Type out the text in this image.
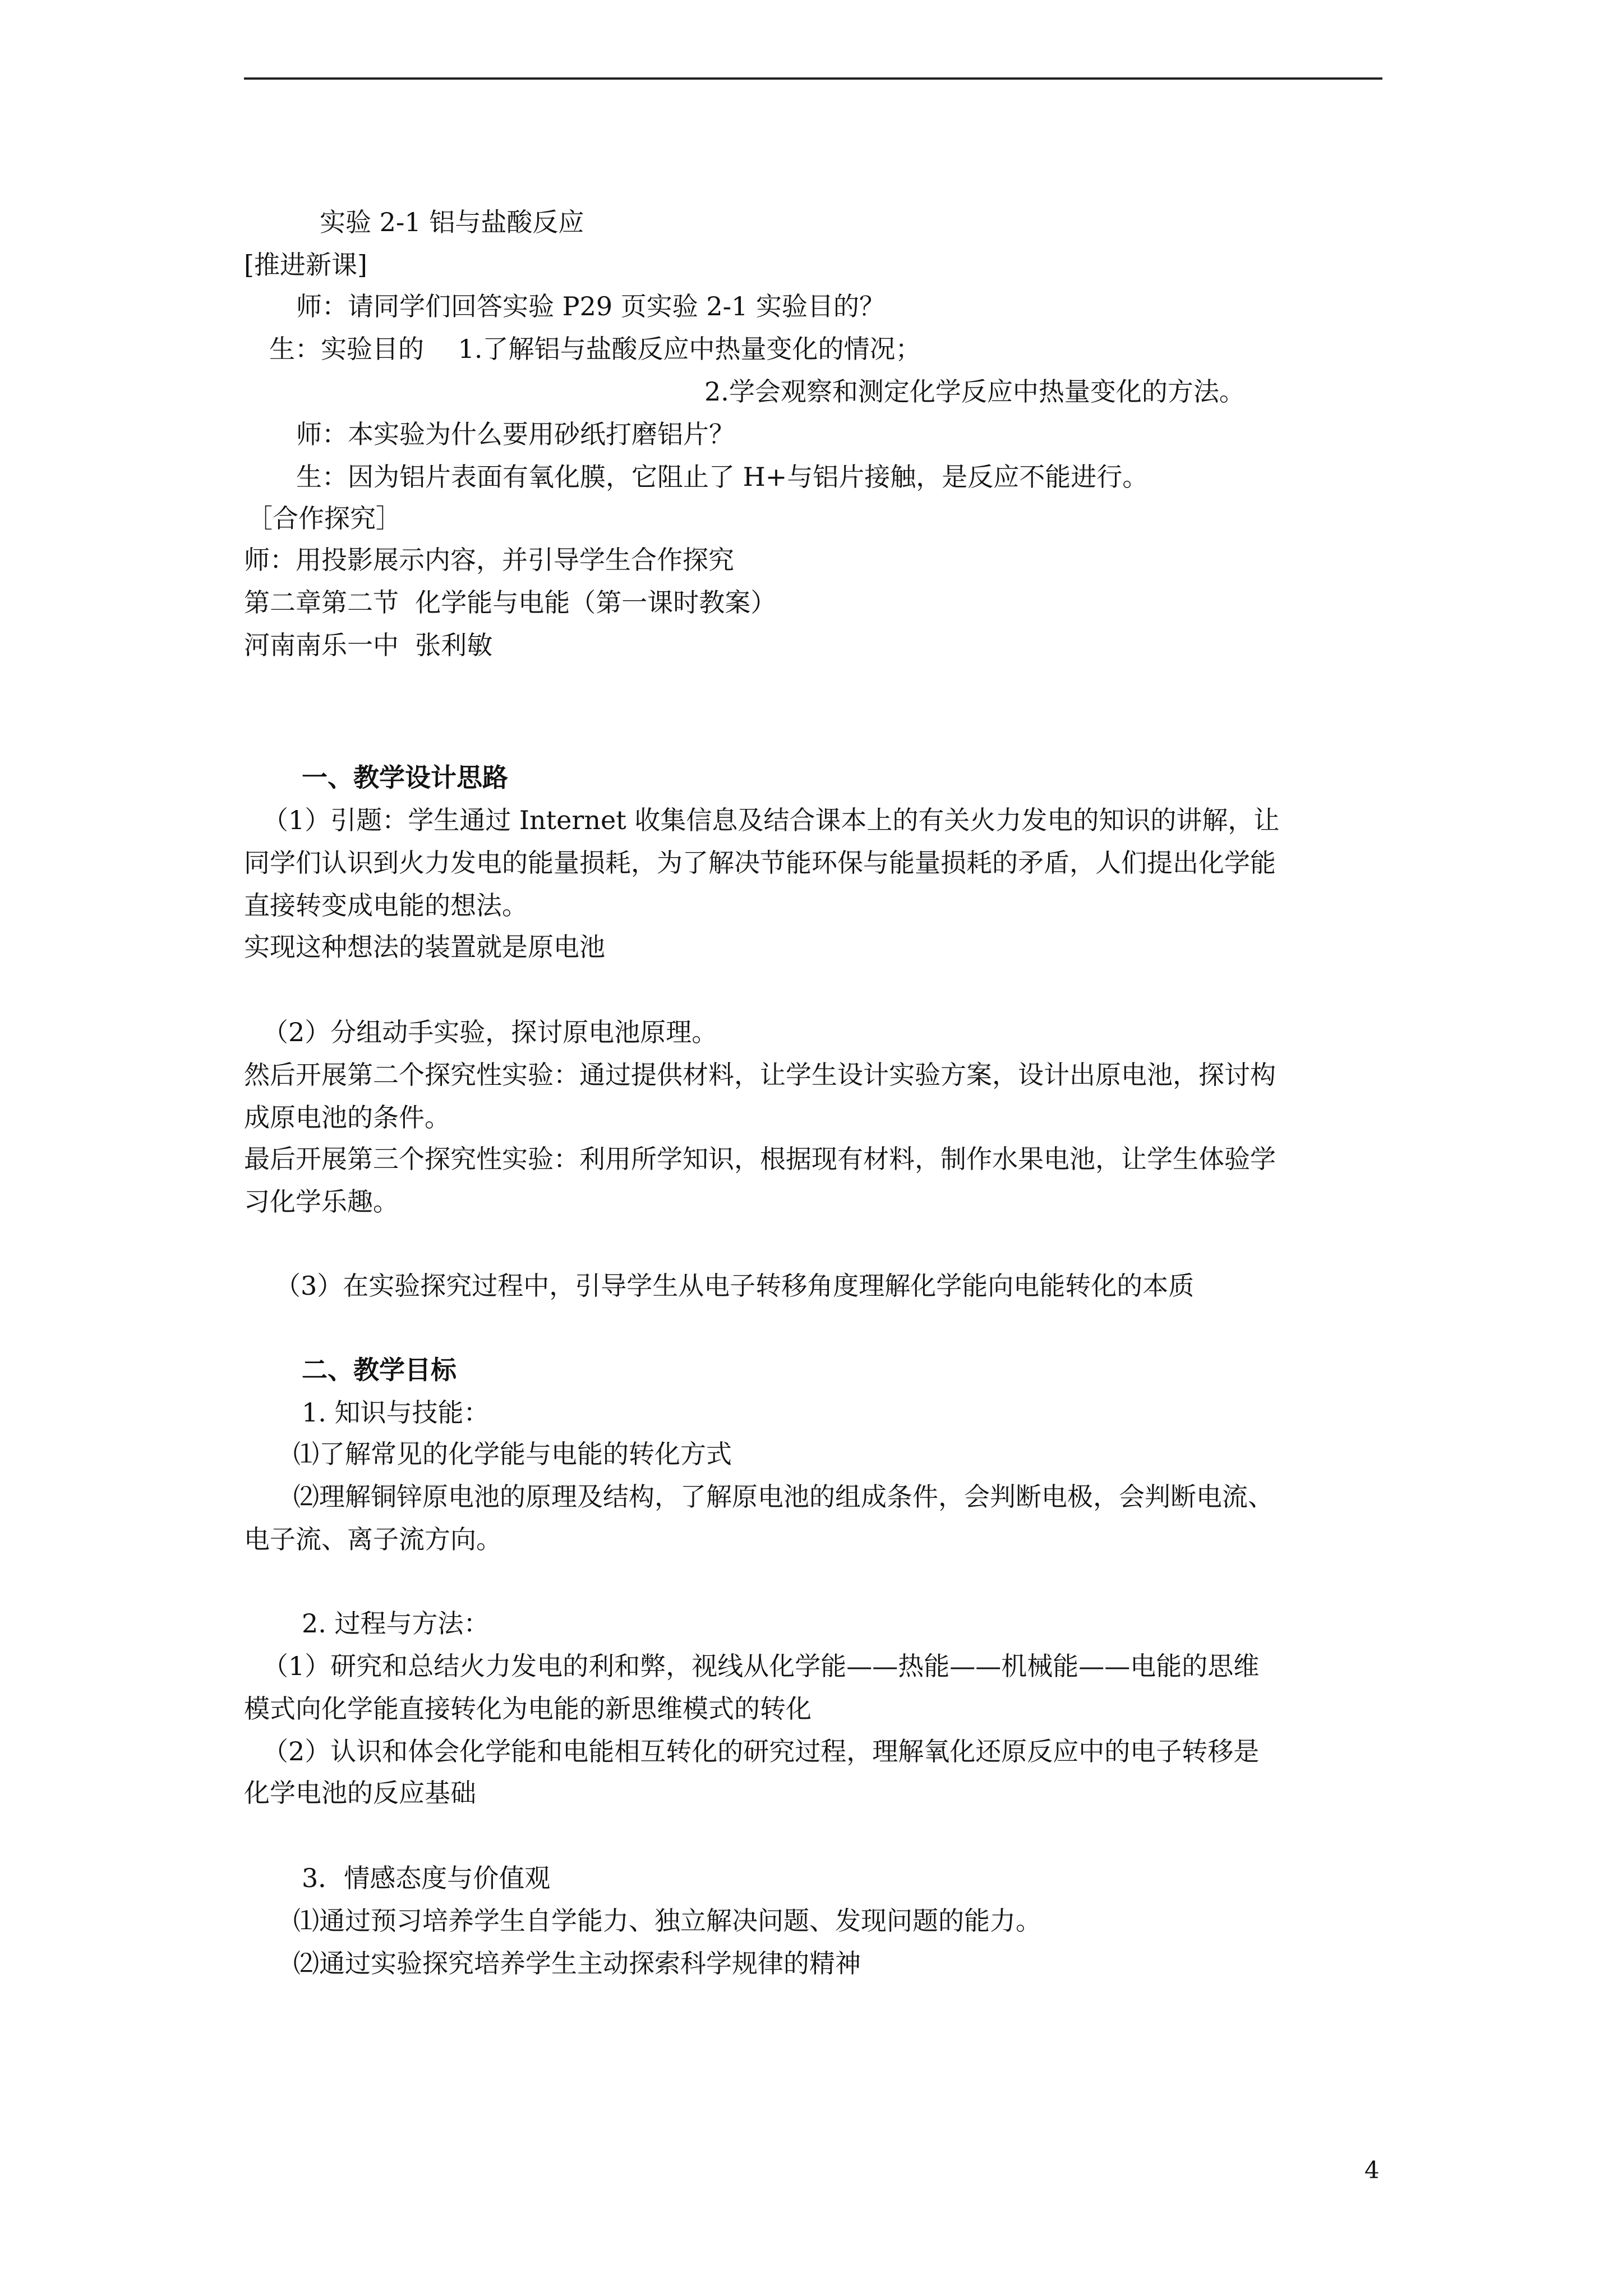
实验 2-1 铝与盐酸反应
[推进新课]
师：请同学们回答实验 P29 页实验 2-1 实验目的？
生：实验目的　 1.了解铝与盐酸反应中热量变化的情况；
2.学会观察和测定化学反应中热量变化的方法。
师：本实验为什么要用砂纸打磨铝片？
生：因为铝片表面有氧化膜，它阻止了 H+与铝片接触，是反应不能进行。
［合作探究］
师：用投影展示内容，并引导学生合作探究
第二章第二节  化学能与电能（第一课时教案）
河南南乐一中  张利敏
一、教学设计思路
（1）引题：学生通过 Internet 收集信息及结合课本上的有关火力发电的知识的讲解，让
同学们认识到火力发电的能量损耗，为了解决节能环保与能量损耗的矛盾，人们提出化学能
直接转变成电能的想法。
实现这种想法的装置就是原电池
（2）分组动手实验，探讨原电池原理。
然后开展第二个探究性实验：通过提供材料，让学生设计实验方案，设计出原电池，探讨构
成原电池的条件。
最后开展第三个探究性实验：利用所学知识，根据现有材料，制作水果电池，让学生体验学
习化学乐趣。
（3）在实验探究过程中，引导学生从电子转移角度理解化学能向电能转化的本质
二、教学目标
1. 知识与技能：
⑴了解常见的化学能与电能的转化方式
⑵理解铜锌原电池的原理及结构，了解原电池的组成条件，会判断电极，会判断电流、
电子流、离子流方向。
2. 过程与方法：
（1）研究和总结火力发电的利和弊，视线从化学能——热能——机械能——电能的思维
模式向化学能直接转化为电能的新思维模式的转化
（2）认识和体会化学能和电能相互转化的研究过程，理解氧化还原反应中的电子转移是
化学电池的反应基础
3．情感态度与价值观
⑴通过预习培养学生自学能力、独立解决问题、发现问题的能力。
⑵通过实验探究培养学生主动探索科学规律的精神
4
